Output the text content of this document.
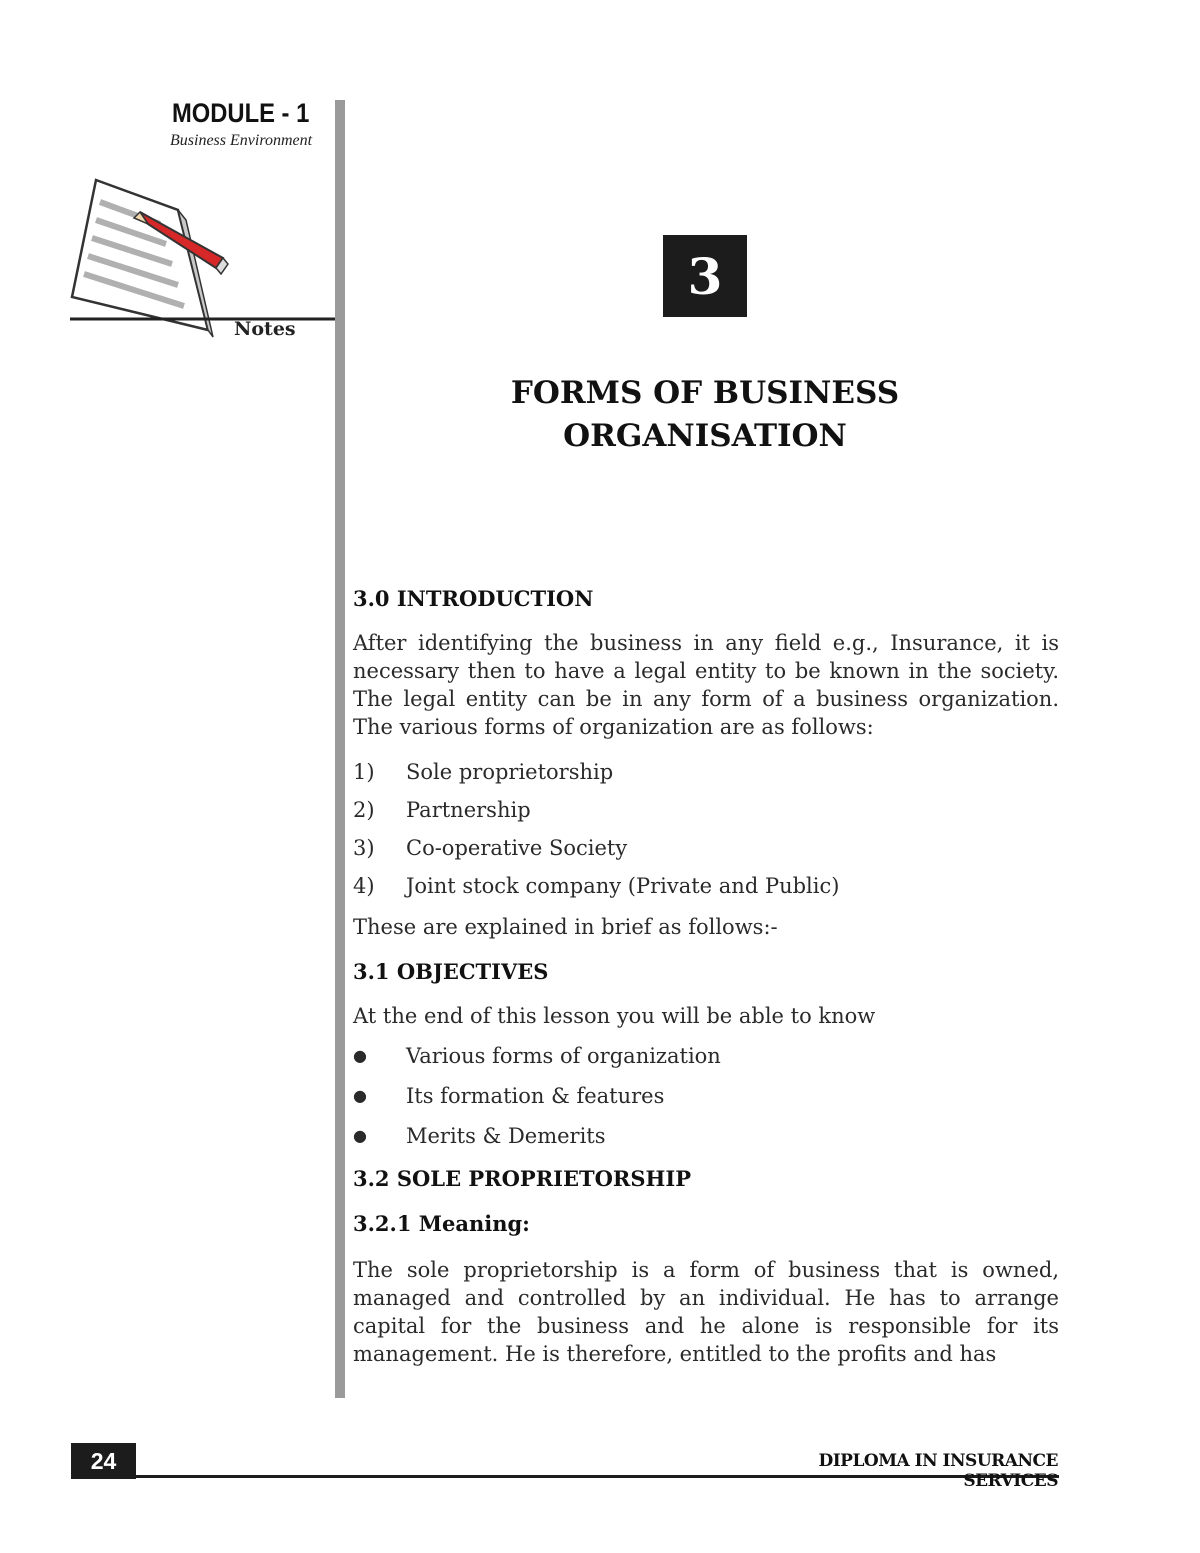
MODULE - 1
Business Environment
Notes
3
FORMS OF BUSINESS
ORGANISATION

3.0 INTRODUCTION

After identifying the business in any field e.g., Insurance, it is necessary then to have a legal entity to be known in the society. The legal entity can be in any form of a business organization. The various forms of organization are as follows:

1)	Sole proprietorship
2)	Partnership
3)	Co-operative Society
4)	Joint stock company (Private and Public)

These are explained in brief as follows:-

3.1 OBJECTIVES

At the end of this lesson you will be able to know

●	Various forms of organization
●	Its formation & features
●	Merits & Demerits

3.2 SOLE PROPRIETORSHIP

3.2.1 Meaning:

The sole proprietorship is a form of business that is owned, managed and controlled by an individual. He has to arrange capital for the business and he alone is responsible for its management. He is therefore, entitled to the profits and has

24	DIPLOMA IN INSURANCE SERVICES
